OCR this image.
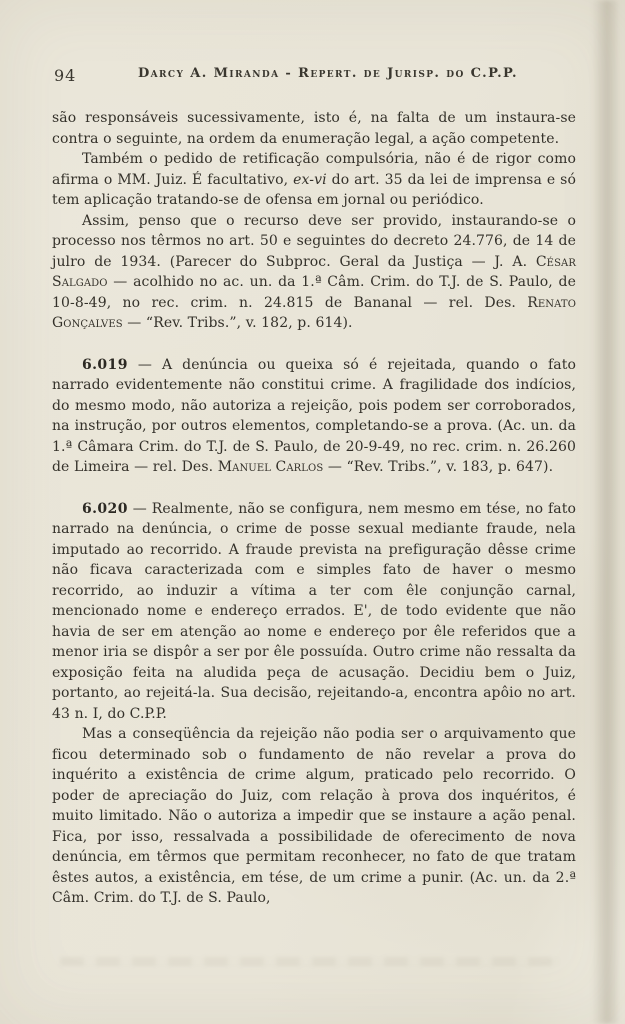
94	Darcy A. Miranda - Repert. de Jurisp. do C.P.P.

são responsáveis sucessivamente, isto é, na falta de um instaura-se contra o seguinte, na ordem da enumeração legal, a ação competente.

Também o pedido de retificação compulsória, não é de rigor como afirma o MM. Juiz. É facultativo, ex-vi do art. 35 da lei de imprensa e só tem aplicação tratando-se de ofensa em jornal ou periódico.

Assim, penso que o recurso deve ser provido, instaurando-se o processo nos têrmos no art. 50 e seguintes do decreto 24.776, de 14 de julro de 1934. (Parecer do Subproc. Geral da Justiça — J. A. César Salgado — acolhido no ac. un. da 1.ª Câm. Crim. do T.J. de S. Paulo, de 10-8-49, no rec. crim. n. 24.815 de Bananal — rel. Des. Renato Gonçalves — “Rev. Tribs.”, v. 182, p. 614).

6.019 — A denúncia ou queixa só é rejeitada, quando o fato narrado evidentemente não constitui crime. A fragilidade dos indícios, do mesmo modo, não autoriza a rejeição, pois podem ser corroborados, na instrução, por outros elementos, completando-se a prova. (Ac. un. da 1.ª Câmara Crim. do T.J. de S. Paulo, de 20-9-49, no rec. crim. n. 26.260 de Limeira — rel. Des. Manuel Carlos — “Rev. Tribs.”, v. 183, p. 647).

6.020 — Realmente, não se configura, nem mesmo em tése, no fato narrado na denúncia, o crime de posse sexual mediante fraude, nela imputado ao recorrido. A fraude prevista na prefiguração dêsse crime não ficava caracterizada com e simples fato de haver o mesmo recorrido, ao induzir a vítima a ter com êle conjunção carnal, mencionado nome e endereço errados. E', de todo evidente que não havia de ser em atenção ao nome e endereço por êle referidos que a menor iria se dispôr a ser por êle possuída. Outro crime não ressalta da exposição feita na aludida peça de acusação. Decidiu bem o Juiz, portanto, ao rejeitá-la. Sua decisão, rejeitando-a, encontra apôio no art. 43 n. I, do C.P.P.

Mas a conseqüência da rejeição não podia ser o arquivamento que ficou determinado sob o fundamento de não revelar a prova do inquérito a existência de crime algum, praticado pelo recorrido. O poder de apreciação do Juiz, com relação à prova dos inquéritos, é muito limitado. Não o autoriza a impedir que se instaure a ação penal. Fica, por isso, ressalvada a possibilidade de oferecimento de nova denúncia, em têrmos que permitam reconhecer, no fato de que tratam êstes autos, a existência, em tése, de um crime a punir. (Ac. un. da 2.ª Câm. Crim. do T.J. de S. Paulo,
